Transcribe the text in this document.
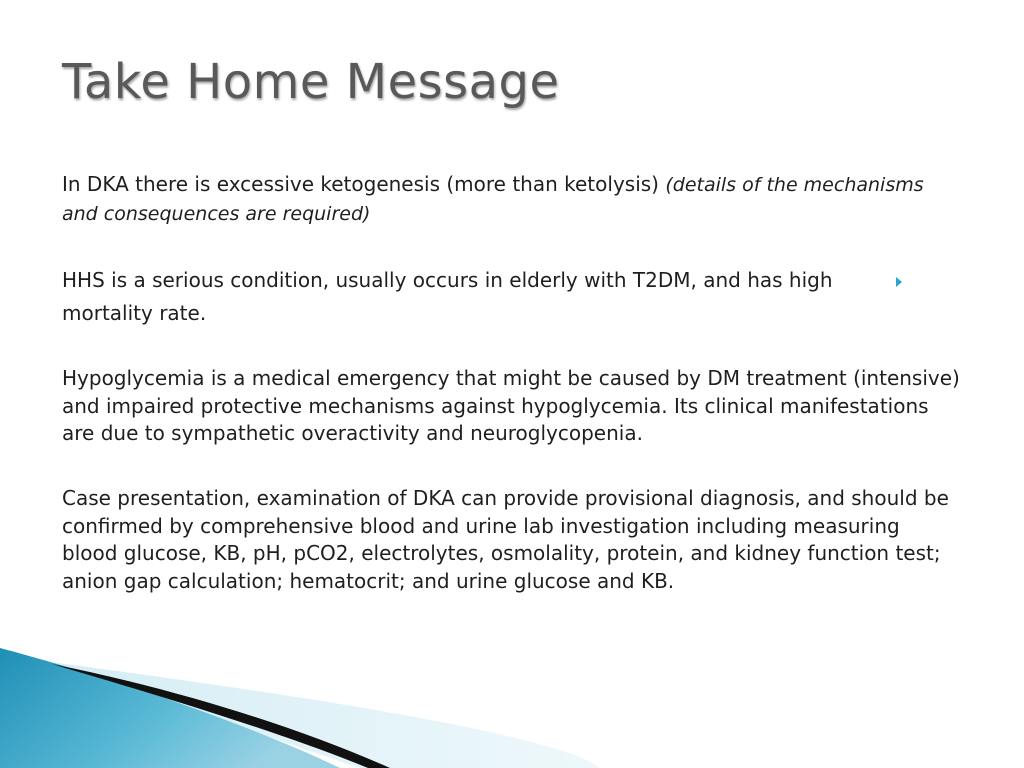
Take Home Message

In DKA there is excessive ketogenesis (more than ketolysis) (details of the mechanisms and consequences are required)

HHS is a serious condition, usually occurs in elderly with T2DM, and has high mortality rate.

Hypoglycemia is a medical emergency that might be caused by DM treatment (intensive) and impaired protective mechanisms against hypoglycemia. Its clinical manifestations are due to sympathetic overactivity and neuroglycopenia.

Case presentation, examination of DKA can provide provisional diagnosis, and should be confirmed by comprehensive blood and urine lab investigation including measuring blood glucose, KB, pH, pCO2, electrolytes, osmolality, protein, and kidney function test; anion gap calculation; hematocrit; and urine glucose and KB.
